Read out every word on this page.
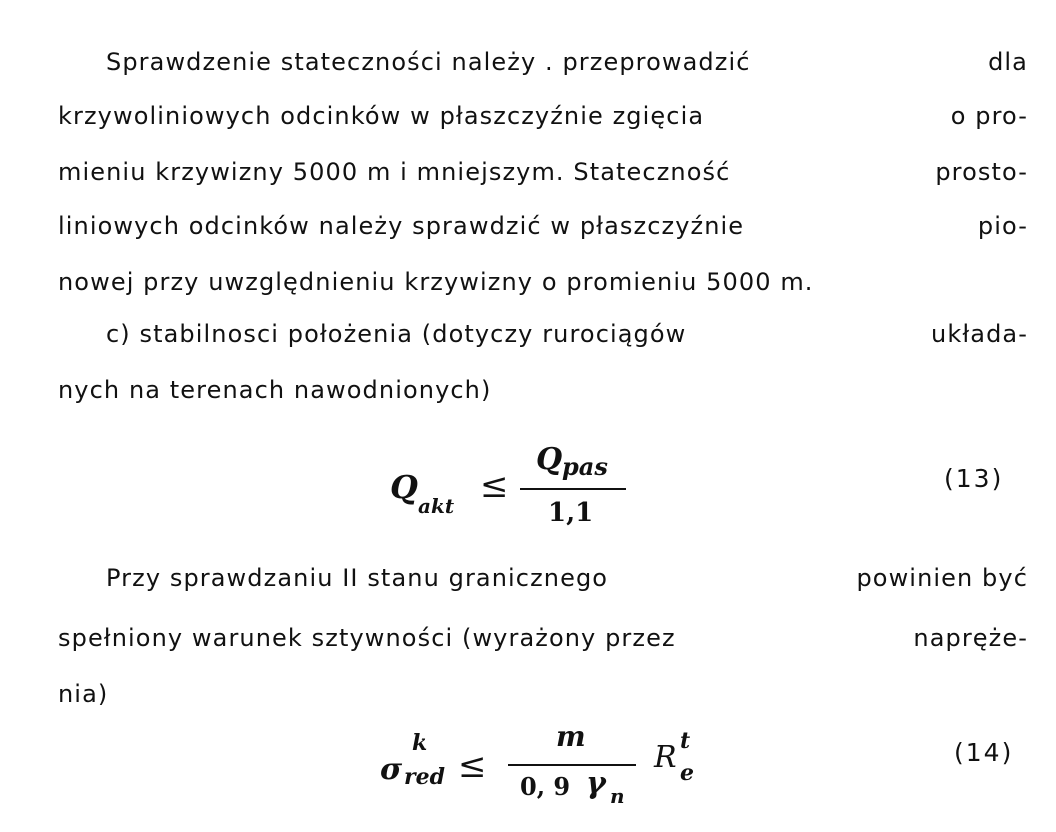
Sprawdzenie stateczności należy . przeprowadzić	dla
krzywoliniowych odcinków w płaszczyźnie zgięcia	o pro-
mieniu krzywizny 5000 m i mniejszym. Stateczność	prosto-
liniowych odcinków należy sprawdzić w płaszczyźnie	pio-
nowej przy uwzględnieniu krzywizny o promieniu 5000 m.
c) stabilnosci położenia (dotyczy rurociągów	układa-
nych na terenach nawodnionych)
Q akt ≤
Q pas
1,1
(13)
Przy sprawdzaniu II stanu granicznego	powinien być
spełniony warunek sztywności (wyrażony przez	napręże-
nia)
σ
k
red ≤
m
0, 9 γ n
R t
e
(14)
